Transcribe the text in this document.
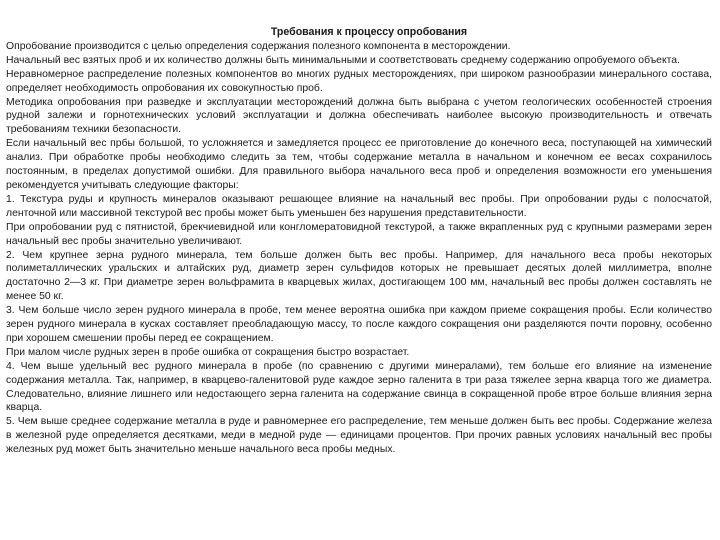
Требования к процессу опробования

Опробование производится с целью определения содержания полезного компонента в месторождении.

Начальный вес взятых проб и их количество должны быть минимальными и соответствовать среднему содержанию опробуемого объекта.

Неравномерное распределение полезных компонентов во многих рудных месторождениях, при широком разнообразии минерального состава, определяет необходимость опробования их совокупностью проб.

Методика опробования при разведке и эксплуатации месторождений должна быть выбрана с учетом геологических особенностей строения рудной залежи и горнотехнических условий эксплуатации и должна обеспечивать наиболее высокую производительность и отвечать требованиям техники безопасности.

Если начальный вес прбы большой, то усложняется и замедляется процесс ее приготовление до конечного веса, поступающей на химический анализ. При обработке пробы необходимо следить за тем, чтобы содержание металла в начальном и конечном ее весах сохранилось постоянным, в пределах допустимой ошибки. Для правильного выбора начального веса проб и определения возможности его уменьшения рекомендуется учитывать следующие факторы:

1. Текстура руды и крупность минералов оказывают решающее влияние на начальный вес пробы. При опробовании руды с полосчатой, ленточной или массивной текстурой вес пробы может быть уменьшен без нарушения представительности.

При опробовании руд с пятнистой, брекчиевидной или конгломератовидной текстурой, а также вкрапленных руд с крупными размерами зерен начальный вес пробы значительно увеличивают.

2. Чем крупнее зерна рудного минерала, тем больше должен быть вес пробы. Например, для начального веса пробы некоторых полиметаллических уральских и алтайских руд, диаметр зерен сульфидов которых не превышает десятых долей миллиметра, вполне достаточно 2—3 кг. При диаметре зерен вольфрамита в кварцевых жилах, достигающем 100 мм, начальный вес пробы должен составлять не менее 50 кг.

3. Чем больше число зерен рудного минерала в пробе, тем менее вероятна ошибка при каждом приеме сокращения пробы. Если количество зерен рудного минерала в кусках составляет преобладающую массу, то после каждого сокращения они разделяются почти поровну, особенно при хорошем смешении пробы перед ее сокращением.

При малом числе рудных зерен в пробе ошибка от сокращения быстро возрастает.

4. Чем выше удельный вес рудного минерала в пробе (по сравнению с другими минералами), тем больше его влияние на изменение содержания металла. Так, например, в кварцево-галенитовой руде каждое зерно галенита в три раза тяжелее зерна кварца того же диаметра. Следовательно, влияние лишнего или недостающего зерна галенита на содержание свинца в сокращенной пробе втрое больше влияния зерна кварца.

5. Чем выше среднее содержание металла в руде и равномернее его распределение, тем меньше должен быть вес пробы. Содержание железа в железной руде определяется десятками, меди в медной руде — единицами процентов. При прочих равных условиях начальный вес пробы железных руд может быть значительно меньше начального веса пробы медных.
